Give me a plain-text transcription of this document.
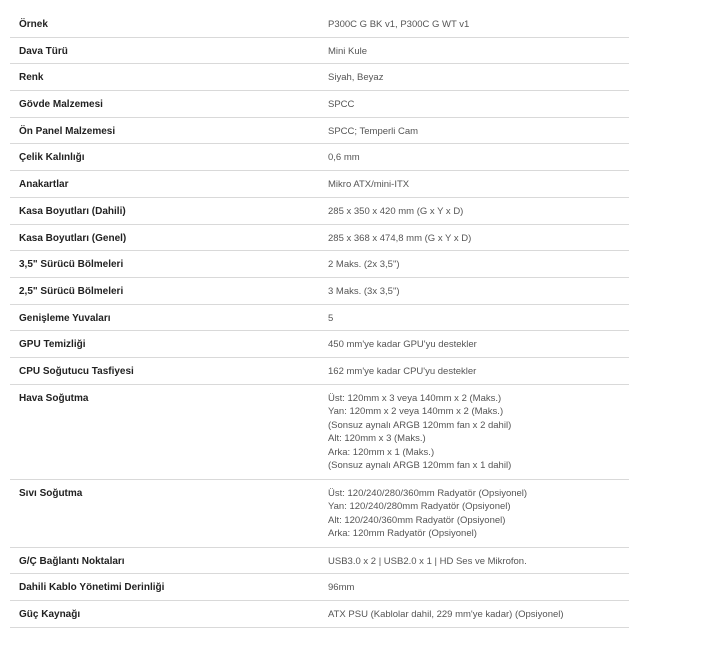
Örnek	P300C G BK v1, P300C G WT v1
Dava Türü	Mini Kule
Renk	Siyah, Beyaz
Gövde Malzemesi	SPCC
Ön Panel Malzemesi	SPCC; Temperli Cam
Çelik Kalınlığı	0,6 mm
Anakartlar	Mikro ATX/mini-ITX
Kasa Boyutları (Dahili)	285 x 350 x 420 mm (G x Y x D)
Kasa Boyutları (Genel)	285 x 368 x 474,8 mm (G x Y x D)
3,5" Sürücü Bölmeleri	2 Maks. (2x 3,5")
2,5" Sürücü Bölmeleri	3 Maks. (3x 3,5")
Genişleme Yuvaları	5
GPU Temizliği	450 mm'ye kadar GPU'yu destekler
CPU Soğutucu Tasfiyesi	162 mm'ye kadar CPU'yu destekler
Hava Soğutma	Üst: 120mm x 3 veya 140mm x 2 (Maks.)
Yan: 120mm x 2 veya 140mm x 2 (Maks.)
(Sonsuz aynalı ARGB 120mm fan x 2 dahil)
Alt: 120mm x 3 (Maks.)
Arka: 120mm x 1 (Maks.)
(Sonsuz aynalı ARGB 120mm fan x 1 dahil)
Sıvı Soğutma	Üst: 120/240/280/360mm Radyatör (Opsiyonel)
Yan: 120/240/280mm Radyatör (Opsiyonel)
Alt: 120/240/360mm Radyatör (Opsiyonel)
Arka: 120mm Radyatör (Opsiyonel)
G/Ç Bağlantı Noktaları	USB3.0 x 2 | USB2.0 x 1 | HD Ses ve Mikrofon.
Dahili Kablo Yönetimi Derinliği	96mm
Güç Kaynağı	ATX PSU (Kablolar dahil, 229 mm'ye kadar) (Opsiyonel)
